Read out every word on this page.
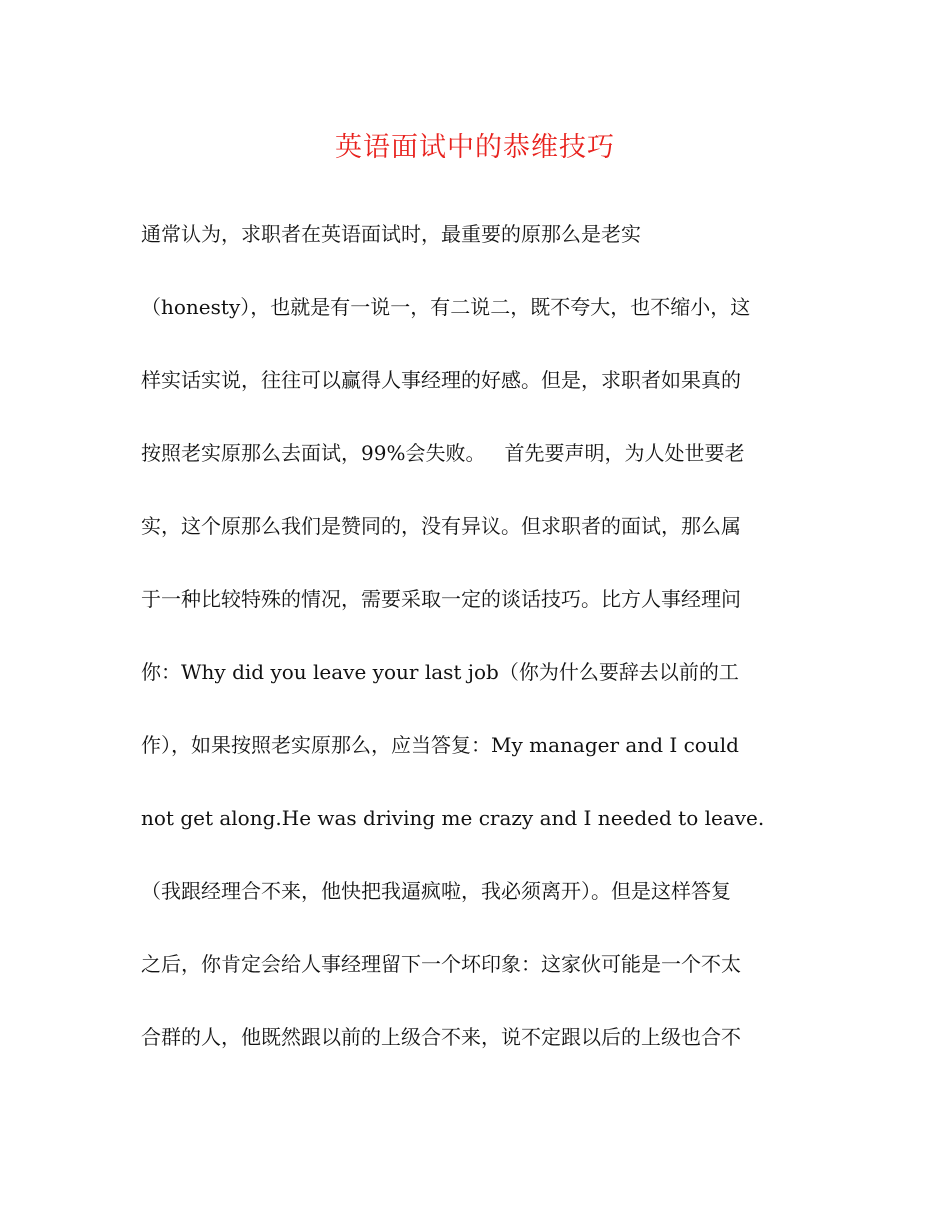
英语面试中的恭维技巧
通常认为，求职者在英语面试时，最重要的原那么是老实
（honesty），也就是有一说一，有二说二，既不夸大，也不缩小，这
样实话实说，往往可以赢得人事经理的好感。但是，求职者如果真的
按照老实原那么去面试，99%会失败。   首先要声明，为人处世要老
实，这个原那么我们是赞同的，没有异议。但求职者的面试，那么属
于一种比较特殊的情况，需要采取一定的谈话技巧。比方人事经理问
你：Why did you leave your last job（你为什么要辞去以前的工
作），如果按照老实原那么，应当答复：My manager and I could
not get along.He was driving me crazy and I needed to leave.
（我跟经理合不来，他快把我逼疯啦，我必须离开）。但是这样答复
之后，你肯定会给人事经理留下一个坏印象：这家伙可能是一个不太
合群的人，他既然跟以前的上级合不来，说不定跟以后的上级也合不
